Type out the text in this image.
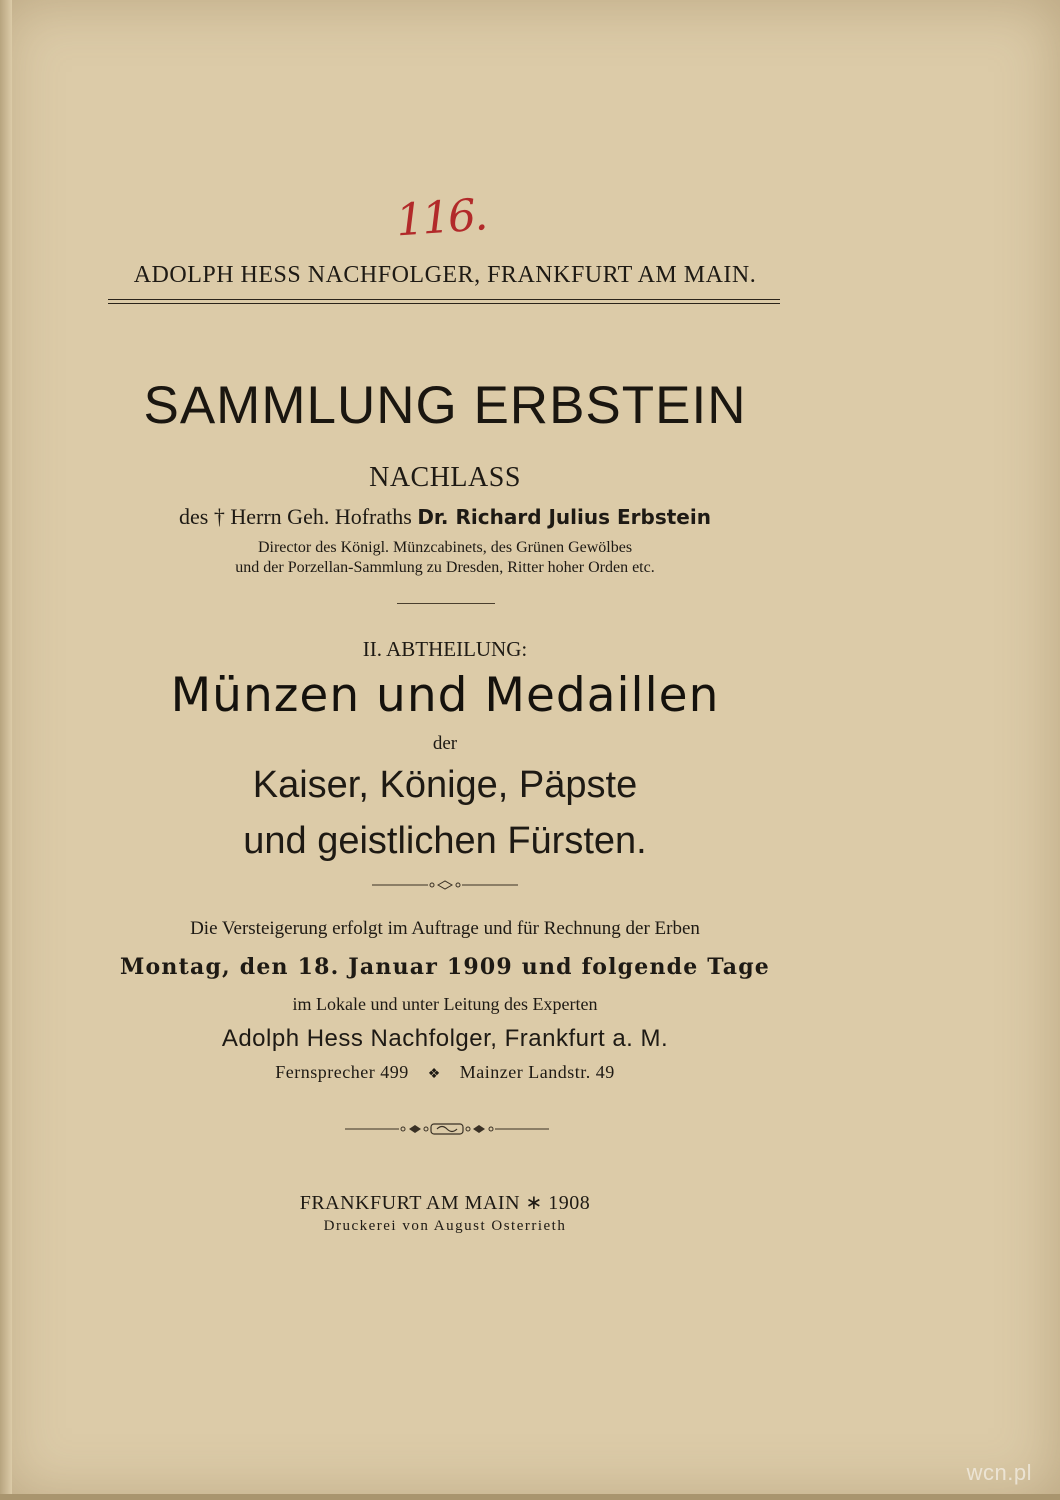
116.
ADOLPH HESS NACHFOLGER, FRANKFURT AM MAIN.
SAMMLUNG ERBSTEIN
NACHLASS
des † Herrn Geh. Hofraths Dr. Richard Julius Erbstein
Director des Königl. Münzcabinets, des Grünen Gewölbes
und der Porzellan-Sammlung zu Dresden, Ritter hoher Orden etc.
II. ABTHEILUNG:
Münzen und Medaillen
der
Kaiser, Könige, Päpste
und geistlichen Fürsten.
Die Versteigerung erfolgt im Auftrage und für Rechnung der Erben
Montag, den 18. Januar 1909 und folgende Tage
im Lokale und unter Leitung des Experten
Adolph Hess Nachfolger, Frankfurt a. M.
Fernsprecher 499 ❖ Mainzer Landstr. 49
FRANKFURT AM MAIN ∗ 1908
Druckerei von August Osterrieth
wcn.pl
